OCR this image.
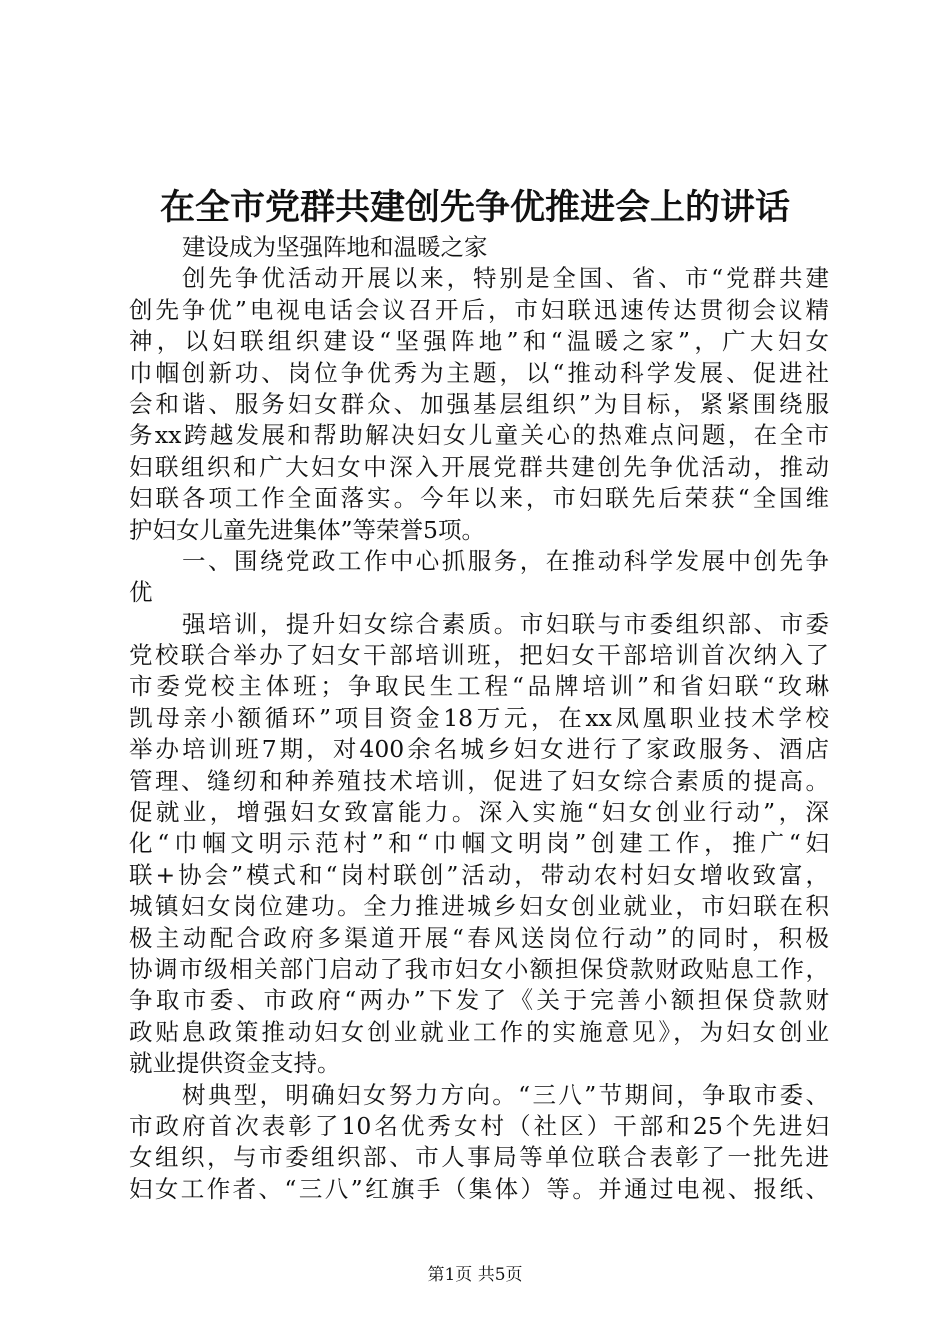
在全市党群共建创先争优推进会上的讲话
建设成为坚强阵地和温暖之家
创先争优活动开展以来，特别是全国、省、市“党群共建
创先争优”电视电话会议召开后，市妇联迅速传达贯彻会议精
神，以妇联组织建设“坚强阵地”和“温暖之家”，广大妇女
巾帼创新功、岗位争优秀为主题，以“推动科学发展、促进社
会和谐、服务妇女群众、加强基层组织”为目标，紧紧围绕服
务xx跨越发展和帮助解决妇女儿童关心的热难点问题，在全市
妇联组织和广大妇女中深入开展党群共建创先争优活动，推动
妇联各项工作全面落实。今年以来，市妇联先后荣获“全国维
护妇女儿童先进集体”等荣誉5项。
一、围绕党政工作中心抓服务，在推动科学发展中创先争
优
强培训，提升妇女综合素质。市妇联与市委组织部、市委
党校联合举办了妇女干部培训班，把妇女干部培训首次纳入了
市委党校主体班；争取民生工程“品牌培训”和省妇联“玫琳
凯母亲小额循环”项目资金18万元，在xx凤凰职业技术学校
举办培训班7期，对400余名城乡妇女进行了家政服务、酒店
管理、缝纫和种养殖技术培训，促进了妇女综合素质的提高。
促就业，增强妇女致富能力。深入实施“妇女创业行动”，深
化“巾帼文明示范村”和“巾帼文明岗”创建工作，推广“妇
联+协会”模式和“岗村联创”活动，带动农村妇女增收致富，
城镇妇女岗位建功。全力推进城乡妇女创业就业，市妇联在积
极主动配合政府多渠道开展“春风送岗位行动”的同时，积极
协调市级相关部门启动了我市妇女小额担保贷款财政贴息工作，
争取市委、市政府“两办”下发了《关于完善小额担保贷款财
政贴息政策推动妇女创业就业工作的实施意见》，为妇女创业
就业提供资金支持。
树典型，明确妇女努力方向。“三八”节期间，争取市委、
市政府首次表彰了10名优秀女村（社区）干部和25个先进妇
女组织，与市委组织部、市人事局等单位联合表彰了一批先进
妇女工作者、“三八”红旗手（集体）等。并通过电视、报纸、
第1页 共5页
